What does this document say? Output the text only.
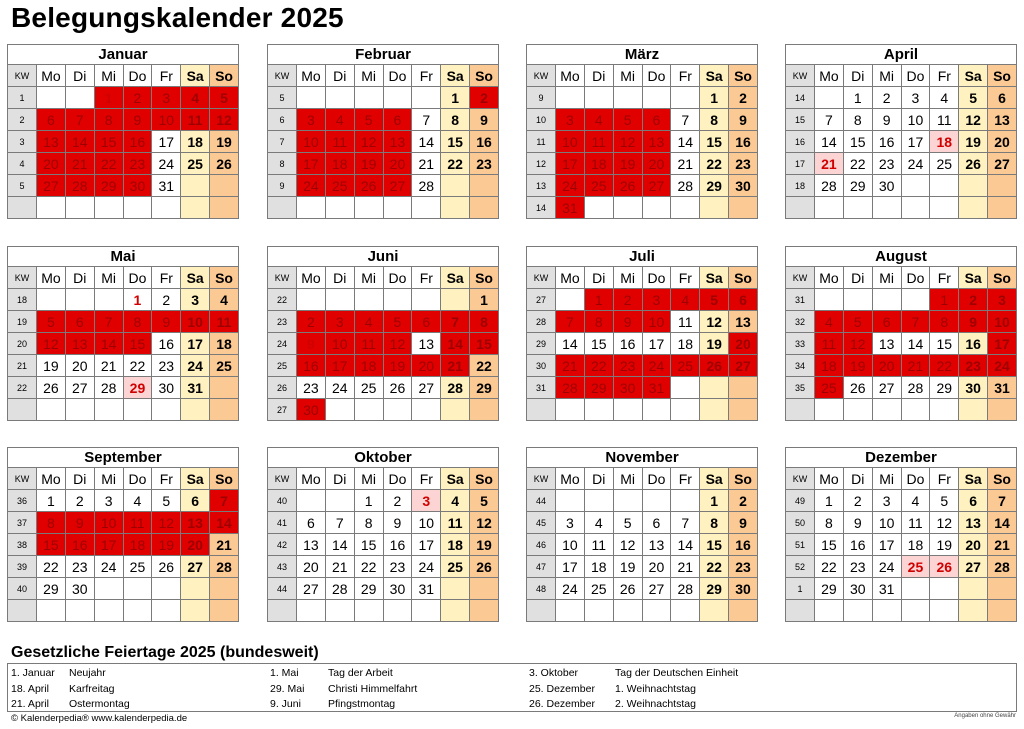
Belegungskalender 2025
Januar
KW	Mo	Di	Mi	Do	Fr	Sa	So
1			1	2	3	4	5
2	6	7	8	9	10	11	12
3	13	14	15	16	17	18	19
4	20	21	22	23	24	25	26
5	27	28	29	30	31		

Februar
KW	Mo	Di	Mi	Do	Fr	Sa	So
5						1	2
6	3	4	5	6	7	8	9
7	10	11	12	13	14	15	16
8	17	18	19	20	21	22	23
9	24	25	26	27	28		

März
KW	Mo	Di	Mi	Do	Fr	Sa	So
9						1	2
10	3	4	5	6	7	8	9
11	10	11	12	13	14	15	16
12	17	18	19	20	21	22	23
13	24	25	26	27	28	29	30
14	31						
April
KW	Mo	Di	Mi	Do	Fr	Sa	So
14		1	2	3	4	5	6
15	7	8	9	10	11	12	13
16	14	15	16	17	18	19	20
17	21	22	23	24	25	26	27
18	28	29	30				

Mai
KW	Mo	Di	Mi	Do	Fr	Sa	So
18				1	2	3	4
19	5	6	7	8	9	10	11
20	12	13	14	15	16	17	18
21	19	20	21	22	23	24	25
22	26	27	28	29	30	31	

Juni
KW	Mo	Di	Mi	Do	Fr	Sa	So
22							1
23	2	3	4	5	6	7	8
24	9	10	11	12	13	14	15
25	16	17	18	19	20	21	22
26	23	24	25	26	27	28	29
27	30						
Juli
KW	Mo	Di	Mi	Do	Fr	Sa	So
27		1	2	3	4	5	6
28	7	8	9	10	11	12	13
29	14	15	16	17	18	19	20
30	21	22	23	24	25	26	27
31	28	29	30	31			

August
KW	Mo	Di	Mi	Do	Fr	Sa	So
31					1	2	3
32	4	5	6	7	8	9	10
33	11	12	13	14	15	16	17
34	18	19	20	21	22	23	24
35	25	26	27	28	29	30	31

September
KW	Mo	Di	Mi	Do	Fr	Sa	So
36	1	2	3	4	5	6	7
37	8	9	10	11	12	13	14
38	15	16	17	18	19	20	21
39	22	23	24	25	26	27	28
40	29	30					

Oktober
KW	Mo	Di	Mi	Do	Fr	Sa	So
40			1	2	3	4	5
41	6	7	8	9	10	11	12
42	13	14	15	16	17	18	19
43	20	21	22	23	24	25	26
44	27	28	29	30	31		

November
KW	Mo	Di	Mi	Do	Fr	Sa	So
44						1	2
45	3	4	5	6	7	8	9
46	10	11	12	13	14	15	16
47	17	18	19	20	21	22	23
48	24	25	26	27	28	29	30

Dezember
KW	Mo	Di	Mi	Do	Fr	Sa	So
49	1	2	3	4	5	6	7
50	8	9	10	11	12	13	14
51	15	16	17	18	19	20	21
52	22	23	24	25	26	27	28
1	29	30	31				

Gesetzliche Feiertage 2025 (bundesweit)
1. Januar Neujahr
18. April Karfreitag
21. April Ostermontag
1. Mai	Tag der Arbeit
29. Mai Christi Himmelfahrt
9. Juni	Pfingstmontag
3. Oktober	Tag der Deutschen Einheit
25. Dezember 1. Weihnachtstag
26. Dezember 2. Weihnachtstag
© Kalenderpedia® www.kalenderpedia.de	Angaben ohne Gewähr
